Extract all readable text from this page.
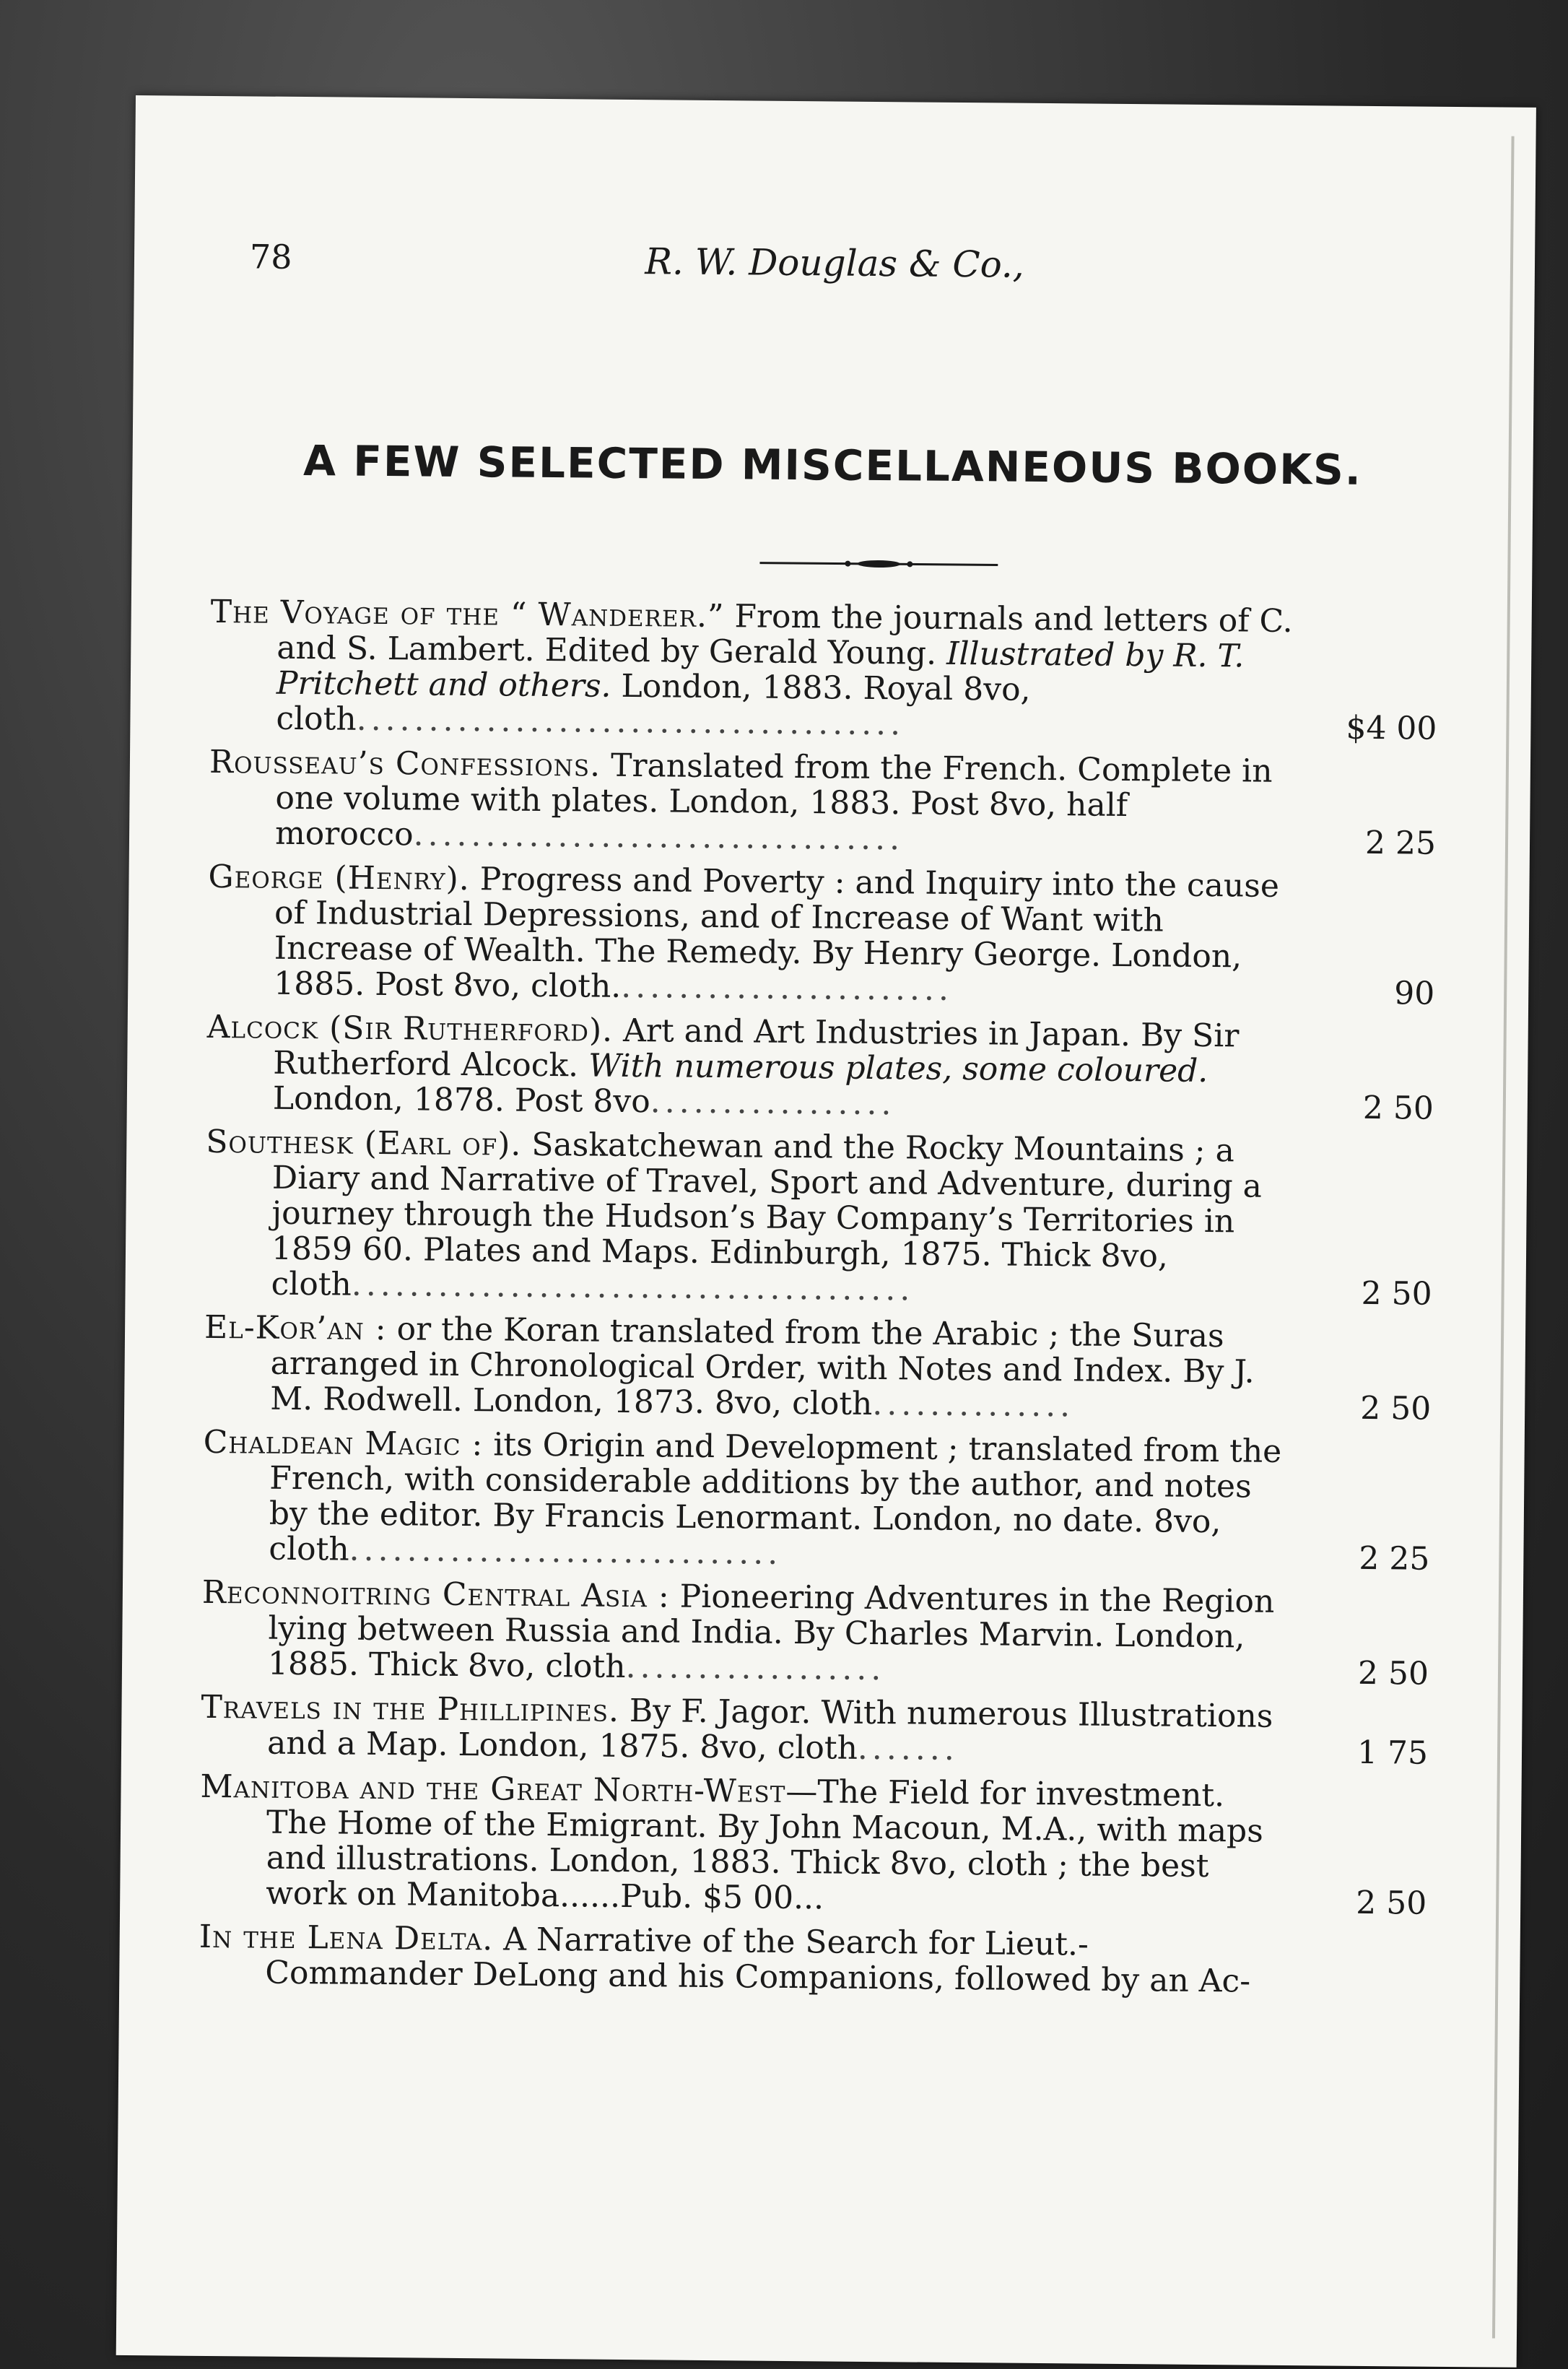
78	R. W. Douglas & Co.,
A FEW SELECTED MISCELLANEOUS BOOKS.
The Voyage of the “ Wanderer.” From the journals and letters of C. and S. Lambert. Edited by Gerald Young. Illustrated by R. T. Pritchett and others. London, 1883. Royal 8vo, cloth......................................	$4 00
Rousseau’s Confessions. Translated from the French. Complete in one volume with plates. London, 1883. Post 8vo, half morocco..................................	2 25
George (Henry). Progress and Poverty : and Inquiry into the cause of Industrial Depressions, and of Increase of Want with Increase of Wealth. The Remedy. By Henry George. London, 1885. Post 8vo, cloth........................	90
Alcock (Sir Rutherford). Art and Art Industries in Japan. By Sir Rutherford Alcock. With numerous plates, some coloured. London, 1878. Post 8vo.................	2 50
Southesk (Earl of). Saskatchewan and the Rocky Mountains ; a Diary and Narrative of Travel, Sport and Adventure, during a journey through the Hudson’s Bay Company’s Territories in 1859 60. Plates and Maps. Edinburgh, 1875. Thick 8vo, cloth.......................................	2 50
El-Kor’an : or the Koran translated from the Arabic ; the Suras arranged in Chronological Order, with Notes and Index. By J. M. Rodwell. London, 1873. 8vo, cloth..............	2 50
Chaldean Magic : its Origin and Development ; translated from the French, with considerable additions by the author, and notes by the editor. By Francis Lenormant. London, no date. 8vo, cloth..............................	2 25
Reconnoitring Central Asia : Pioneering Adventures in the Region lying between Russia and India. By Charles Marvin. London, 1885. Thick 8vo, cloth..................	2 50
Travels in the Phillipines. By F. Jagor. With numerous Illustrations and a Map. London, 1875. 8vo, cloth.......	1 75
Manitoba and the Great North-West—The Field for investment. The Home of the Emigrant. By John Macoun, M.A., with maps and illustrations. London, 1883. Thick 8vo, cloth ; the best work on Manitoba......Pub. $5 00...	2 50
In the Lena Delta. A Narrative of the Search for Lieut.-Commander DeLong and his Companions, followed by an Ac-
